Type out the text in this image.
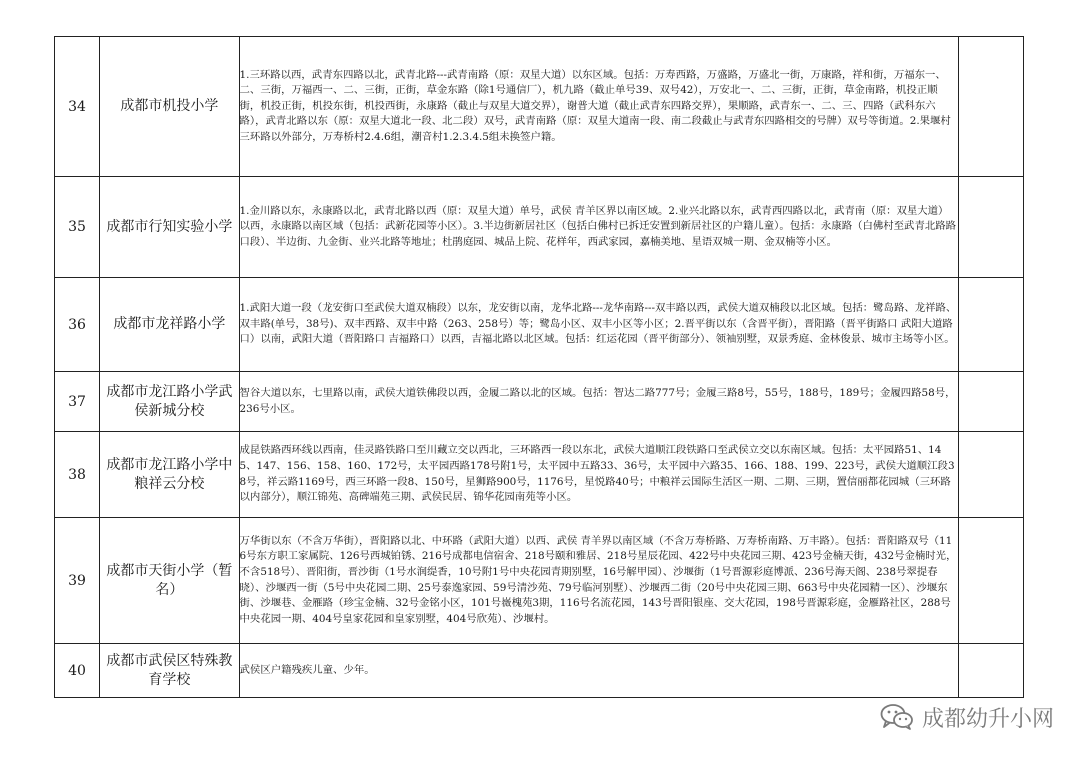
34	成都市机投小学	1.三环路以西，武青东四路以北，武青北路---武青南路（原：双星大道）以东区域。包括：万寿西路，万盛路，万盛北一街，万康路，祥和街，万福东一、二、三街，万福西一、二、三街，正街，草金东路（除1号通信厂），机九路（截止单号39、双号42），万安北一、二、三街，正街，草金南路，机投正顺街，机投正街，机投东街，机投西街，永康路（截止与双星大道交界），谢普大道（截止武青东四路交界），果顺路，武青东一、二、三、四路（武科东六路），武青北路以东（原：双星大道北一段、北二段）双号，武青南路（原：双星大道南一段、南二段截止与武青东四路相交的号牌）双号等街道。2.果堰村三环路以外部分，万寿桥村2.4.6组，潮音村1.2.3.4.5组未换签户籍。	
35	成都市行知实验小学	1.金川路以东，永康路以北，武青北路以西（原：双星大道）单号，武侯 青羊区界以南区域。2.业兴北路以东，武青西四路以北，武青南（原：双星大道）以西，永康路以南区域（包括：武新花园等小区）。3.半边街新居社区（包括白佛村已拆迁安置到新居社区的户籍儿童）。包括：永康路（白佛村至武青北路路口段）、半边街、九金街、业兴北路等地址；杜鹃庭园、城品上院、花样年，西武家园，嘉楠美地、星语双城一期、金双楠等小区。	
36	成都市龙祥路小学	1.武阳大道一段（龙安街口至武侯大道双楠段）以东，龙安街以南，龙华北路---龙华南路---双丰路以西，武侯大道双楠段以北区域。包括：鹭岛路、龙祥路、双丰路(单号，38号)、双丰西路、双丰中路（263、258号）等；鹭岛小区、双丰小区等小区；2.晋平街以东（含晋平街），晋阳路（晋平街路口 武阳大道路口）以南，武阳大道（晋阳路口 吉福路口）以西，吉福北路以北区域。包括：红运花园（晋平街部分）、领袖别墅，双景秀庭、金林俊景、城市主场等小区。	
37	成都市龙江路小学武侯新城分校	智谷大道以东，七里路以南，武侯大道铁佛段以西，金履二路以北的区域。包括：智达二路777号；金履三路8号，55号，188号，189号；金履四路58号，236号小区。	
38	成都市龙江路小学中粮祥云分校	成昆铁路西环线以西南，佳灵路铁路口至川藏立交以西北，三环路西一段以东北，武侯大道顺江段铁路口至武侯立交以东南区域。包括：太平园路51、145、147、156、158、160、172号，太平园西路178号附1号，太平园中五路33、36号，太平园中六路35、166、188、199、223号，武侯大道顺江段38号，祥云路1169号，西三环路一段8、150号，星狮路900号，1176号，星悦路40号；中粮祥云国际生活区一期、二期、三期，置信丽都花园城（三环路以内部分），顺江锦苑、高碑端苑三期、武侯民居、锦华花园南苑等小区。	
39	成都市天街小学（暂名）	万华街以东（不含万华街），晋阳路以北、中环路（武阳大道）以西、武侯 青羊界以南区域（不含万寿桥路、万寿桥南路、万丰路）。包括：晋阳路双号（116号东方职工家属院、126号西城铂锈、216号成都电信宿舍、218号颐和雅居、218号星辰花园、422号中央花园三期、423号金楠天街，432号金楠时光，不含518号）、晋阳街，晋沙街（1号水润缇香，10号附1号中央花园青期别墅，16号解甲园）、沙堰街（1号晋源彩庭博派、236号海天阁、238号翠提春晓）、沙堰西一街（5号中央花园二期、25号泰逸家园、59号清沙苑、79号临河别墅）、沙堰西二街（20号中央花园三期、663号中央花园精一区）、沙堰东街、沙堰巷、金雁路（珍宝金楠、32号金铭小区，101号嶶槐苑3期，116号名流花园，143号晋阳银座、交大花园，198号晋源彩庭，金雁路社区，288号中央花园一期、404号皇家花园和皇家别墅，404号欣苑）、沙堰村。	
40	成都市武侯区特殊教育学校	武侯区户籍残疾儿童、少年。	
成都幼升小网
